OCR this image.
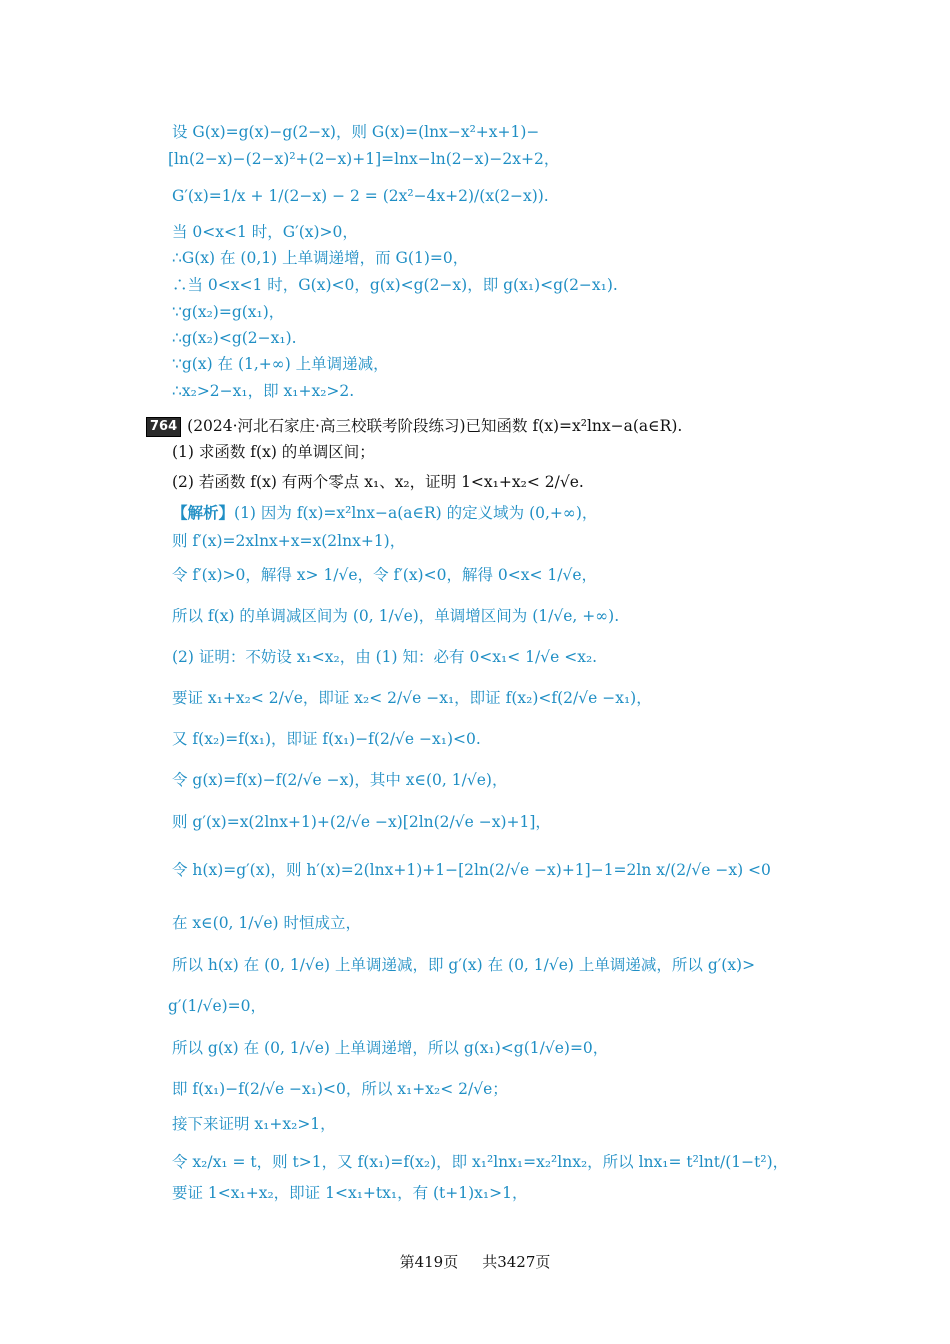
设 G(x)=g(x)−g(2−x)，则 G(x)=(lnx−x²+x+1)−
[ln(2−x)−(2−x)²+(2−x)+1]=lnx−ln(2−x)−2x+2，
G′(x)=1/x + 1/(2−x) − 2 = (2x²−4x+2)/(x(2−x)).
当 0<x<1 时，G′(x)>0，
∴G(x) 在 (0,1) 上单调递增，而 G(1)=0，
∴当 0<x<1 时，G(x)<0，g(x)<g(2−x)，即 g(x₁)<g(2−x₁).
∵g(x₂)=g(x₁)，
∴g(x₂)<g(2−x₁).
∵g(x) 在 (1,+∞) 上单调递减，
∴x₂>2−x₁，即 x₁+x₂>2.
764 (2024·河北石家庄·高三校联考阶段练习)已知函数 f(x)=x²lnx−a(a∈R).
(1) 求函数 f(x) 的单调区间；
(2) 若函数 f(x) 有两个零点 x₁、x₂，证明 1<x₁+x₂< 2/√e.
【解析】(1) 因为 f(x)=x²lnx−a(a∈R) 的定义域为 (0,+∞)，
则 f′(x)=2xlnx+x=x(2lnx+1)，
令 f′(x)>0，解得 x> 1/√e，令 f′(x)<0，解得 0<x< 1/√e，
所以 f(x) 的单调减区间为 (0, 1/√e)，单调增区间为 (1/√e, +∞).
(2) 证明：不妨设 x₁<x₂，由 (1) 知：必有 0<x₁< 1/√e <x₂.
要证 x₁+x₂< 2/√e，即证 x₂< 2/√e −x₁，即证 f(x₂)<f(2/√e −x₁)，
又 f(x₂)=f(x₁)，即证 f(x₁)−f(2/√e −x₁)<0.
令 g(x)=f(x)−f(2/√e −x)，其中 x∈(0, 1/√e)，
则 g′(x)=x(2lnx+1)+(2/√e −x)[2ln(2/√e −x)+1]，
令 h(x)=g′(x)，则 h′(x)=2(lnx+1)+1−[2ln(2/√e −x)+1]−1=2ln x/(2/√e −x) <0
在 x∈(0, 1/√e) 时恒成立，
所以 h(x) 在 (0, 1/√e) 上单调递减，即 g′(x) 在 (0, 1/√e) 上单调递减，所以 g′(x)>
g′(1/√e)=0，
所以 g(x) 在 (0, 1/√e) 上单调递增，所以 g(x₁)<g(1/√e)=0，
即 f(x₁)−f(2/√e −x₁)<0，所以 x₁+x₂< 2/√e；
接下来证明 x₁+x₂>1，
令 x₂/x₁ = t，则 t>1，又 f(x₁)=f(x₂)，即 x₁²lnx₁=x₂²lnx₂，所以 lnx₁= t²lnt/(1−t²)，
要证 1<x₁+x₂，即证 1<x₁+tx₁，有 (t+1)x₁>1，
第419页 共3427页
